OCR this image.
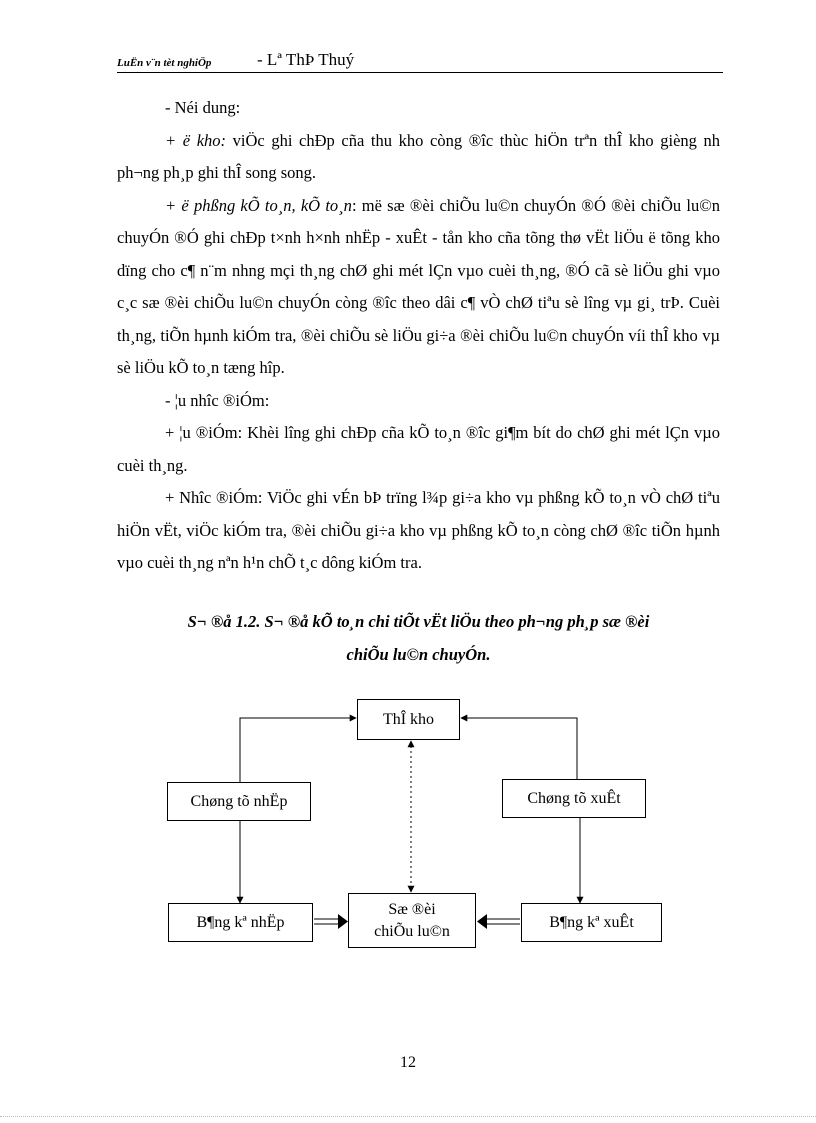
LuËn v¨n tèt nghiÖp	- Lª ThÞ Thuý

- Néi dung:

+ ë kho: viÖc ghi chÐp cña thu kho còng ®îc thùc hiÖn trªn thÎ kho gièng nh ph¬ng ph¸p ghi thÎ song song.

+ ë phßng kÕ to¸n, kÕ to¸n: më sæ ®èi chiÕu lu©n chuyÓn ®Ó ®èi chiÕu lu©n chuyÓn ®Ó ghi chÐp t×nh h×nh nhËp - xuÊt - tån kho cña tõng thø vËt liÖu ë tõng kho dïng cho c¶ n¨m nhng mçi th¸ng chØ ghi mét lÇn vµo cuèi th¸ng, ®Ó cã sè liÖu ghi vµo c¸c sæ ®èi chiÕu lu©n chuyÓn còng ®îc theo dâi c¶ vÒ chØ tiªu sè lîng vµ gi¸ trÞ. Cuèi th¸ng, tiÕn hµnh kiÓm tra, ®èi chiÕu sè liÖu gi÷a ®èi chiÕu lu©n chuyÓn víi thÎ kho vµ sè liÖu kÕ to¸n tæng hîp.

- ¦u nhîc ®iÓm:

+ ¦u ®iÓm: Khèi lîng ghi chÐp cña kÕ to¸n ®îc gi¶m bít do chØ ghi mét lÇn vµo cuèi th¸ng.

+ Nhîc ®iÓm: ViÖc ghi vÉn bÞ trïng l¾p gi÷a kho vµ phßng kÕ to¸n vÒ chØ tiªu hiÖn vËt, viÖc kiÓm tra, ®èi chiÕu gi÷a kho vµ phßng kÕ to¸n còng chØ ®îc tiÕn hµnh vµo cuèi th¸ng nªn h¹n chÕ t¸c dông kiÓm tra.

S¬ ®å 1.2. S¬ ®å kÕ to¸n chi tiÕt vËt liÖu theo ph¬ng ph¸p sæ ®èi
chiÕu lu©n chuyÓn.
ThÎ kho
Chøng tõ nhËp	Chøng tõ xuÊt
B¶ng kª nhËp
Sæ ®èi
chiÕu lu©n
B¶ng kª xuÊt
12
